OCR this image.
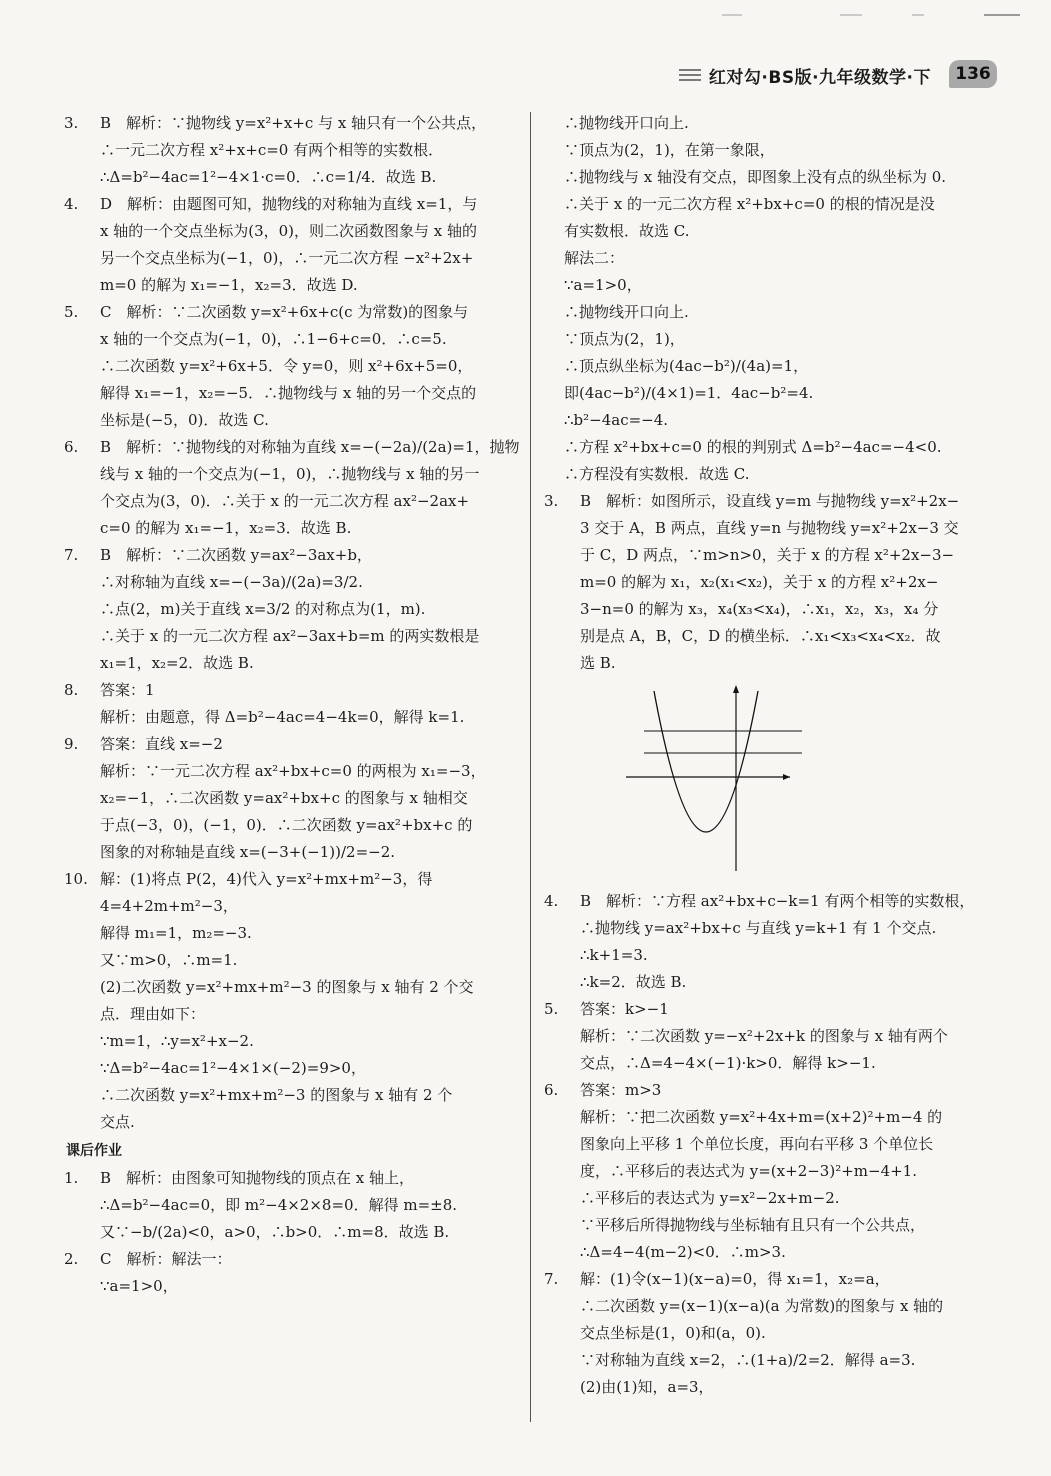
红对勾·BS版·九年级数学·下	136
3. B　解析：∵抛物线 y=x²+x+c 与 x 轴只有一个公共点，
∴一元二次方程 x²+x+c=0 有两个相等的实数根．
∴Δ=b²−4ac=1²−4×1·c=0．∴c=1/4．故选 B.
4. D　解析：由题图可知，抛物线的对称轴为直线 x=1，与
x 轴的一个交点坐标为(3，0)，则二次函数图象与 x 轴的
另一个交点坐标为(−1，0)，∴一元二次方程 −x²+2x+
m=0 的解为 x₁=−1，x₂=3．故选 D.
5. C　解析：∵二次函数 y=x²+6x+c(c 为常数)的图象与
x 轴的一个交点为(−1，0)，∴1−6+c=0．∴c=5.
∴二次函数 y=x²+6x+5．令 y=0，则 x²+6x+5=0，
解得 x₁=−1，x₂=−5．∴抛物线与 x 轴的另一个交点的
坐标是(−5，0)．故选 C.
6. B　解析：∵抛物线的对称轴为直线 x=−(−2a)/(2a)=1，抛物
线与 x 轴的一个交点为(−1，0)，∴抛物线与 x 轴的另一
个交点为(3，0)．∴关于 x 的一元二次方程 ax²−2ax+
c=0 的解为 x₁=−1，x₂=3．故选 B.
7. B　解析：∵二次函数 y=ax²−3ax+b，
∴对称轴为直线 x=−(−3a)/(2a)=3/2.
∴点(2，m)关于直线 x=3/2 的对称点为(1，m).
∴关于 x 的一元二次方程 ax²−3ax+b=m 的两实数根是
x₁=1，x₂=2．故选 B.
8. 答案：1
解析：由题意，得 Δ=b²−4ac=4−4k=0，解得 k=1.
9. 答案：直线 x=−2
解析：∵一元二次方程 ax²+bx+c=0 的两根为 x₁=−3，
x₂=−1，∴二次函数 y=ax²+bx+c 的图象与 x 轴相交
于点(−3，0)，(−1，0)．∴二次函数 y=ax²+bx+c 的
图象的对称轴是直线 x=(−3+(−1))/2=−2.
10. 解：(1)将点 P(2，4)代入 y=x²+mx+m²−3，得
4=4+2m+m²−3，
解得 m₁=1，m₂=−3.
又∵m>0，∴m=1.
(2)二次函数 y=x²+mx+m²−3 的图象与 x 轴有 2 个交
点．理由如下：
∵m=1，∴y=x²+x−2.
∵Δ=b²−4ac=1²−4×1×(−2)=9>0，
∴二次函数 y=x²+mx+m²−3 的图象与 x 轴有 2 个
交点.
课后作业
1. B　解析：由图象可知抛物线的顶点在 x 轴上，
∴Δ=b²−4ac=0，即 m²−4×2×8=0．解得 m=±8.
又∵−b/(2a)<0，a>0，∴b>0．∴m=8．故选 B.
2. C　解析：解法一：
∵a=1>0，
∴抛物线开口向上.
∵顶点为(2，1)，在第一象限，
∴抛物线与 x 轴没有交点，即图象上没有点的纵坐标为 0.
∴关于 x 的一元二次方程 x²+bx+c=0 的根的情况是没
有实数根．故选 C.
解法二：
∵a=1>0，
∴抛物线开口向上.
∵顶点为(2，1)，
∴顶点纵坐标为(4ac−b²)/(4a)=1，
即(4ac−b²)/(4×1)=1．4ac−b²=4.
∴b²−4ac=−4.
∴方程 x²+bx+c=0 的根的判别式 Δ=b²−4ac=−4<0.
∴方程没有实数根．故选 C.
3. B　解析：如图所示，设直线 y=m 与抛物线 y=x²+2x−
3 交于 A，B 两点，直线 y=n 与抛物线 y=x²+2x−3 交
于 C，D 两点，∵m>n>0，关于 x 的方程 x²+2x−3−
m=0 的解为 x₁，x₂(x₁<x₂)，关于 x 的方程 x²+2x−
3−n=0 的解为 x₃，x₄(x₃<x₄)，∴x₁，x₂，x₃，x₄ 分
别是点 A，B，C，D 的横坐标．∴x₁<x₃<x₄<x₂．故
选 B.
4. B　解析：∵方程 ax²+bx+c−k=1 有两个相等的实数根，
∴抛物线 y=ax²+bx+c 与直线 y=k+1 有 1 个交点.
∴k+1=3.
∴k=2．故选 B.
5. 答案：k>−1
解析：∵二次函数 y=−x²+2x+k 的图象与 x 轴有两个
交点，∴Δ=4−4×(−1)·k>0．解得 k>−1.
6. 答案：m>3
解析：∵把二次函数 y=x²+4x+m=(x+2)²+m−4 的
图象向上平移 1 个单位长度，再向右平移 3 个单位长
度，∴平移后的表达式为 y=(x+2−3)²+m−4+1.
∴平移后的表达式为 y=x²−2x+m−2.
∵平移后所得抛物线与坐标轴有且只有一个公共点，
∴Δ=4−4(m−2)<0．∴m>3.
7. 解：(1)令(x−1)(x−a)=0，得 x₁=1，x₂=a，
∴二次函数 y=(x−1)(x−a)(a 为常数)的图象与 x 轴的
交点坐标是(1，0)和(a，0).
∵对称轴为直线 x=2，∴(1+a)/2=2．解得 a=3.
(2)由(1)知，a=3，
